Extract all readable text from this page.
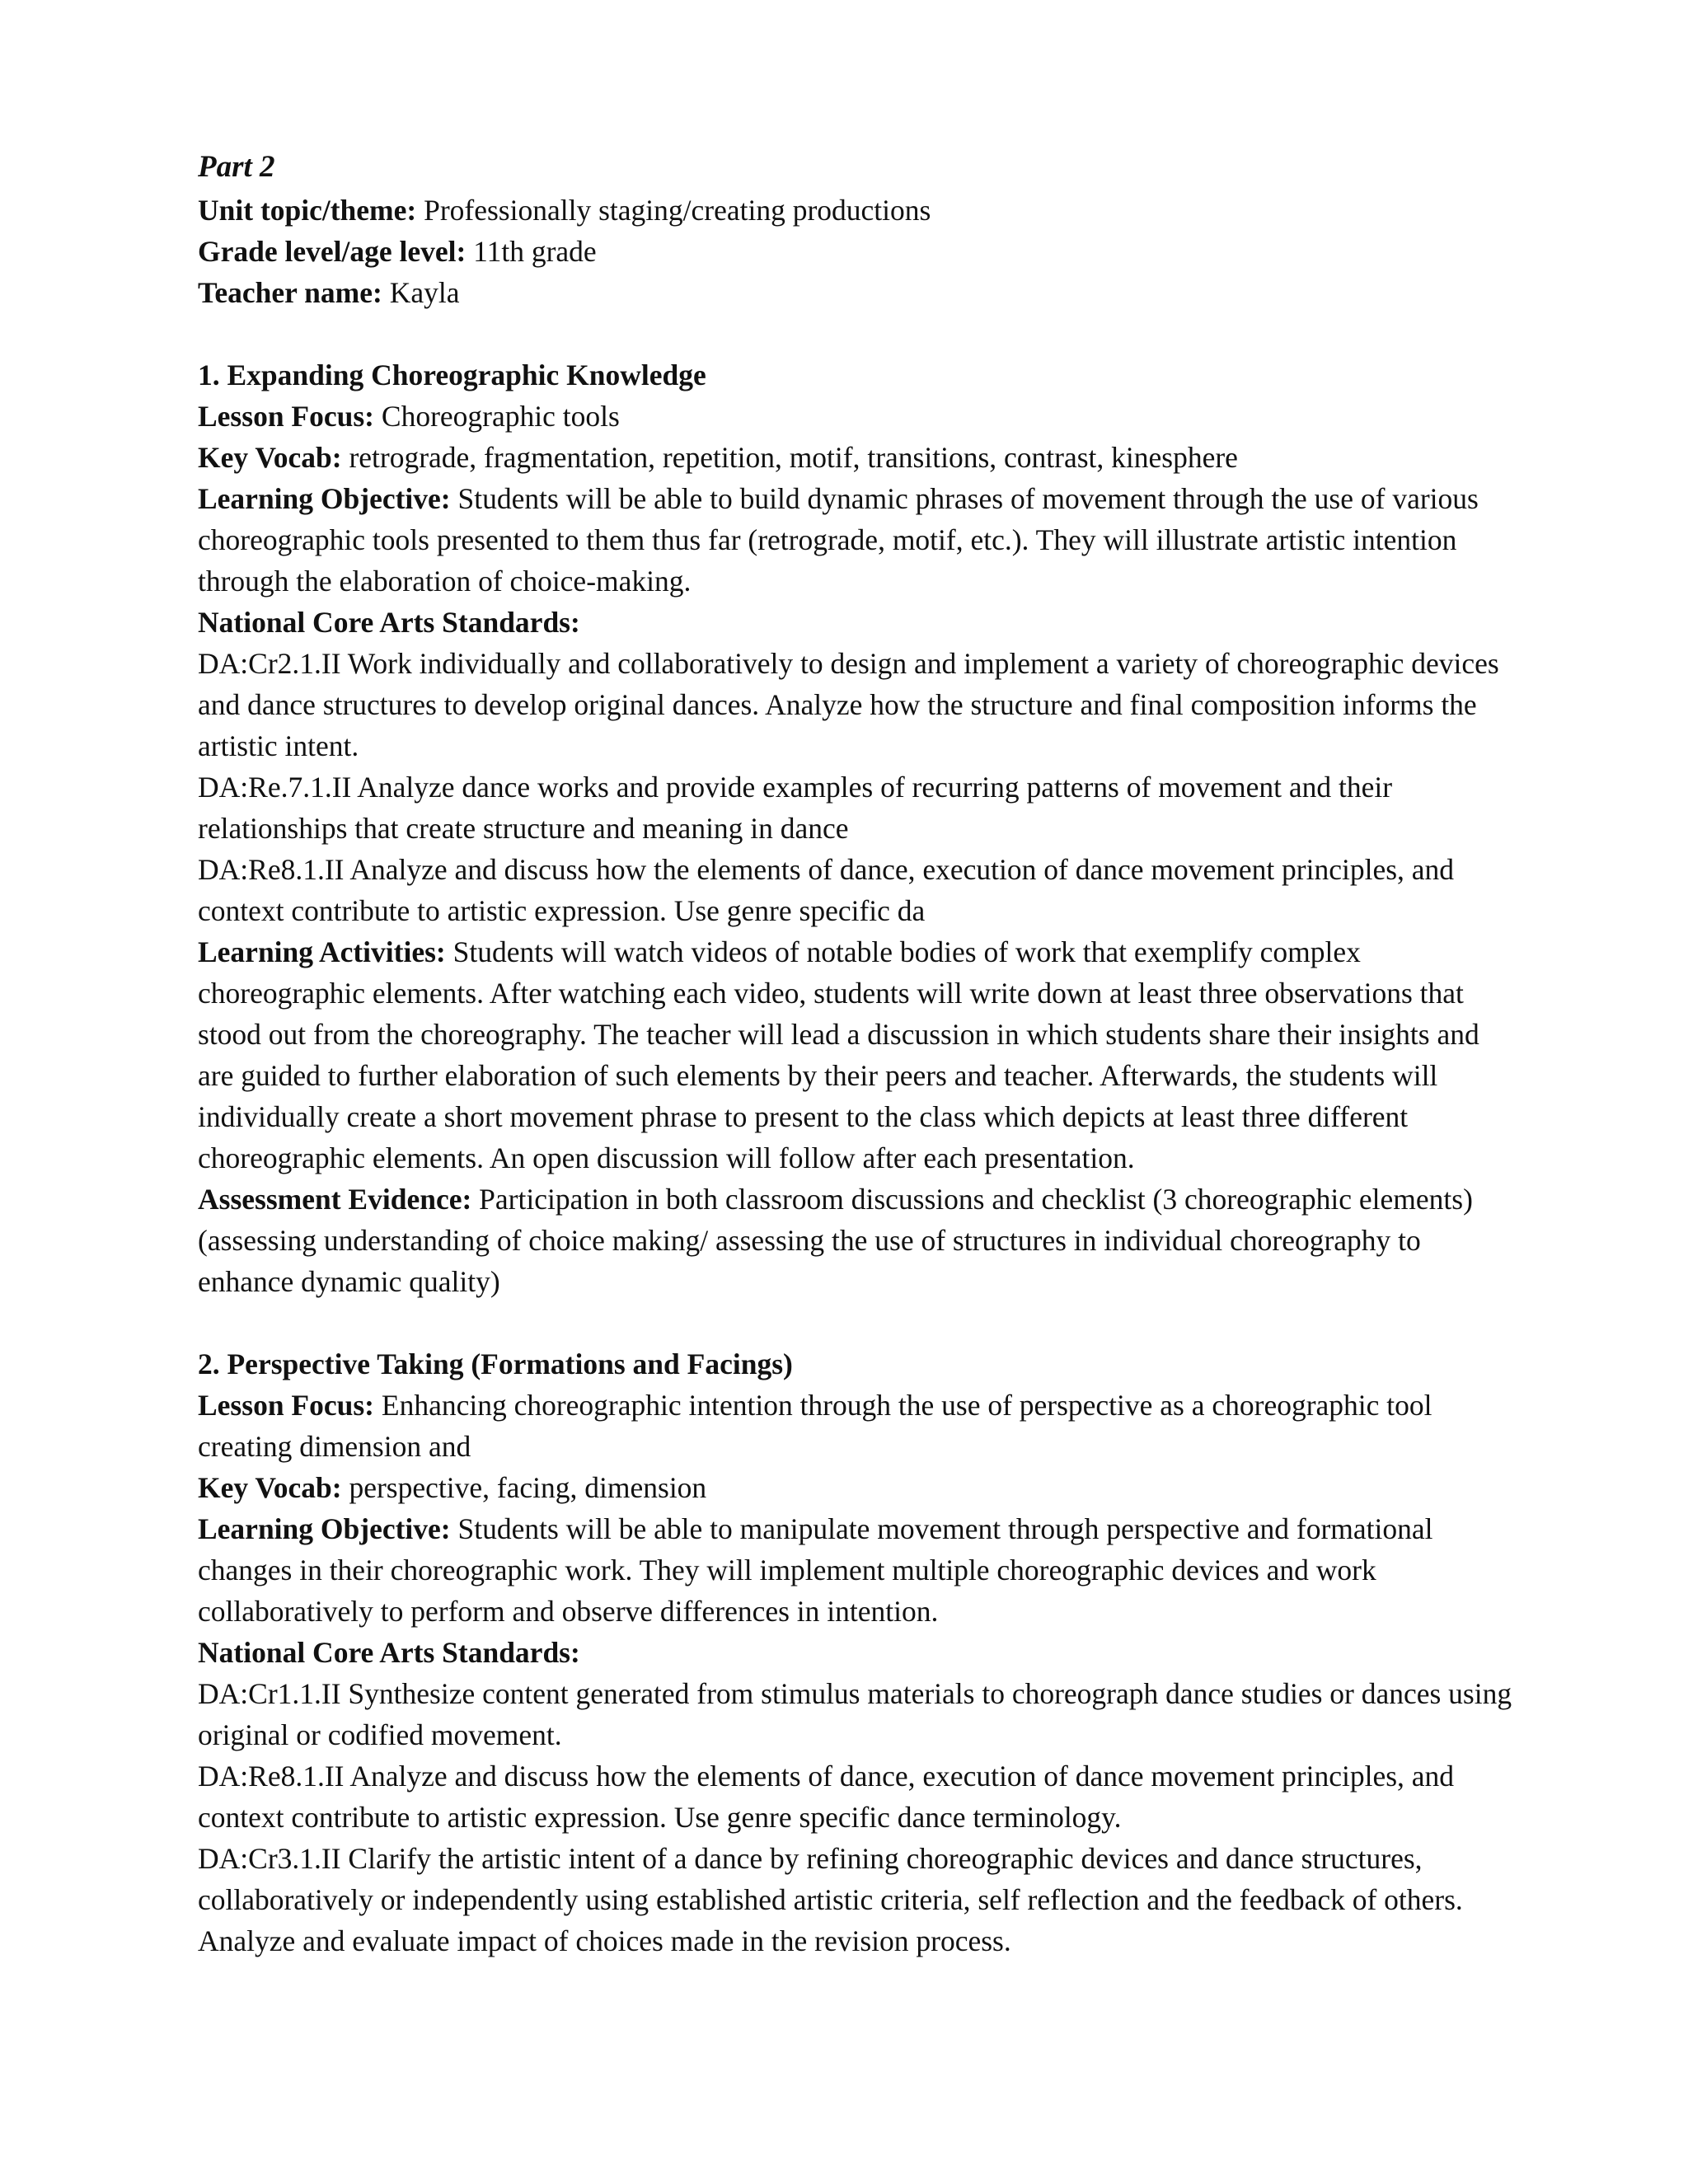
Part 2
Unit topic/theme: Professionally staging/creating productions
Grade level/age level: 11th grade
Teacher name: Kayla
1. Expanding Choreographic Knowledge

Lesson Focus: Choreographic tools

Key Vocab: retrograde, fragmentation, repetition, motif, transitions, contrast, kinesphere

Learning Objective: Students will be able to build dynamic phrases of movement through the use of various choreographic tools presented to them thus far (retrograde, motif, etc.). They will illustrate artistic intention through the elaboration of choice-making.

National Core Arts Standards:

DA:Cr2.1.II Work individually and collaboratively to design and implement a variety of choreographic devices and dance structures to develop original dances. Analyze how the structure and final composition informs the artistic intent.

DA:Re.7.1.II Analyze dance works and provide examples of recurring patterns of movement and their relationships that create structure and meaning in dance

DA:Re8.1.II Analyze and discuss how the elements of dance, execution of dance movement principles, and context contribute to artistic expression. Use genre specific da

Learning Activities: Students will watch videos of notable bodies of work that exemplify complex choreographic elements. After watching each video, students will write down at least three observations that stood out from the choreography. The teacher will lead a discussion in which students share their insights and are guided to further elaboration of such elements by their peers and teacher. Afterwards, the students will individually create a short movement phrase to present to the class which depicts at least three different choreographic elements. An open discussion will follow after each presentation.

Assessment Evidence: Participation in both classroom discussions and checklist (3 choreographic elements) (assessing understanding of choice making/ assessing the use of structures in individual choreography to enhance dynamic quality)

2. Perspective Taking (Formations and Facings)

Lesson Focus: Enhancing choreographic intention through the use of perspective as a choreographic tool creating dimension and

Key Vocab: perspective, facing, dimension

Learning Objective: Students will be able to manipulate movement through perspective and formational changes in their choreographic work. They will implement multiple choreographic devices and work collaboratively to perform and observe differences in intention.

National Core Arts Standards:

DA:Cr1.1.II Synthesize content generated from stimulus materials to choreograph dance studies or dances using original or codified movement.

DA:Re8.1.II Analyze and discuss how the elements of dance, execution of dance movement principles, and context contribute to artistic expression. Use genre specific dance terminology.

DA:Cr3.1.II Clarify the artistic intent of a dance by refining choreographic devices and dance structures, collaboratively or independently using established artistic criteria, self reflection and the feedback of others. Analyze and evaluate impact of choices made in the revision process.
